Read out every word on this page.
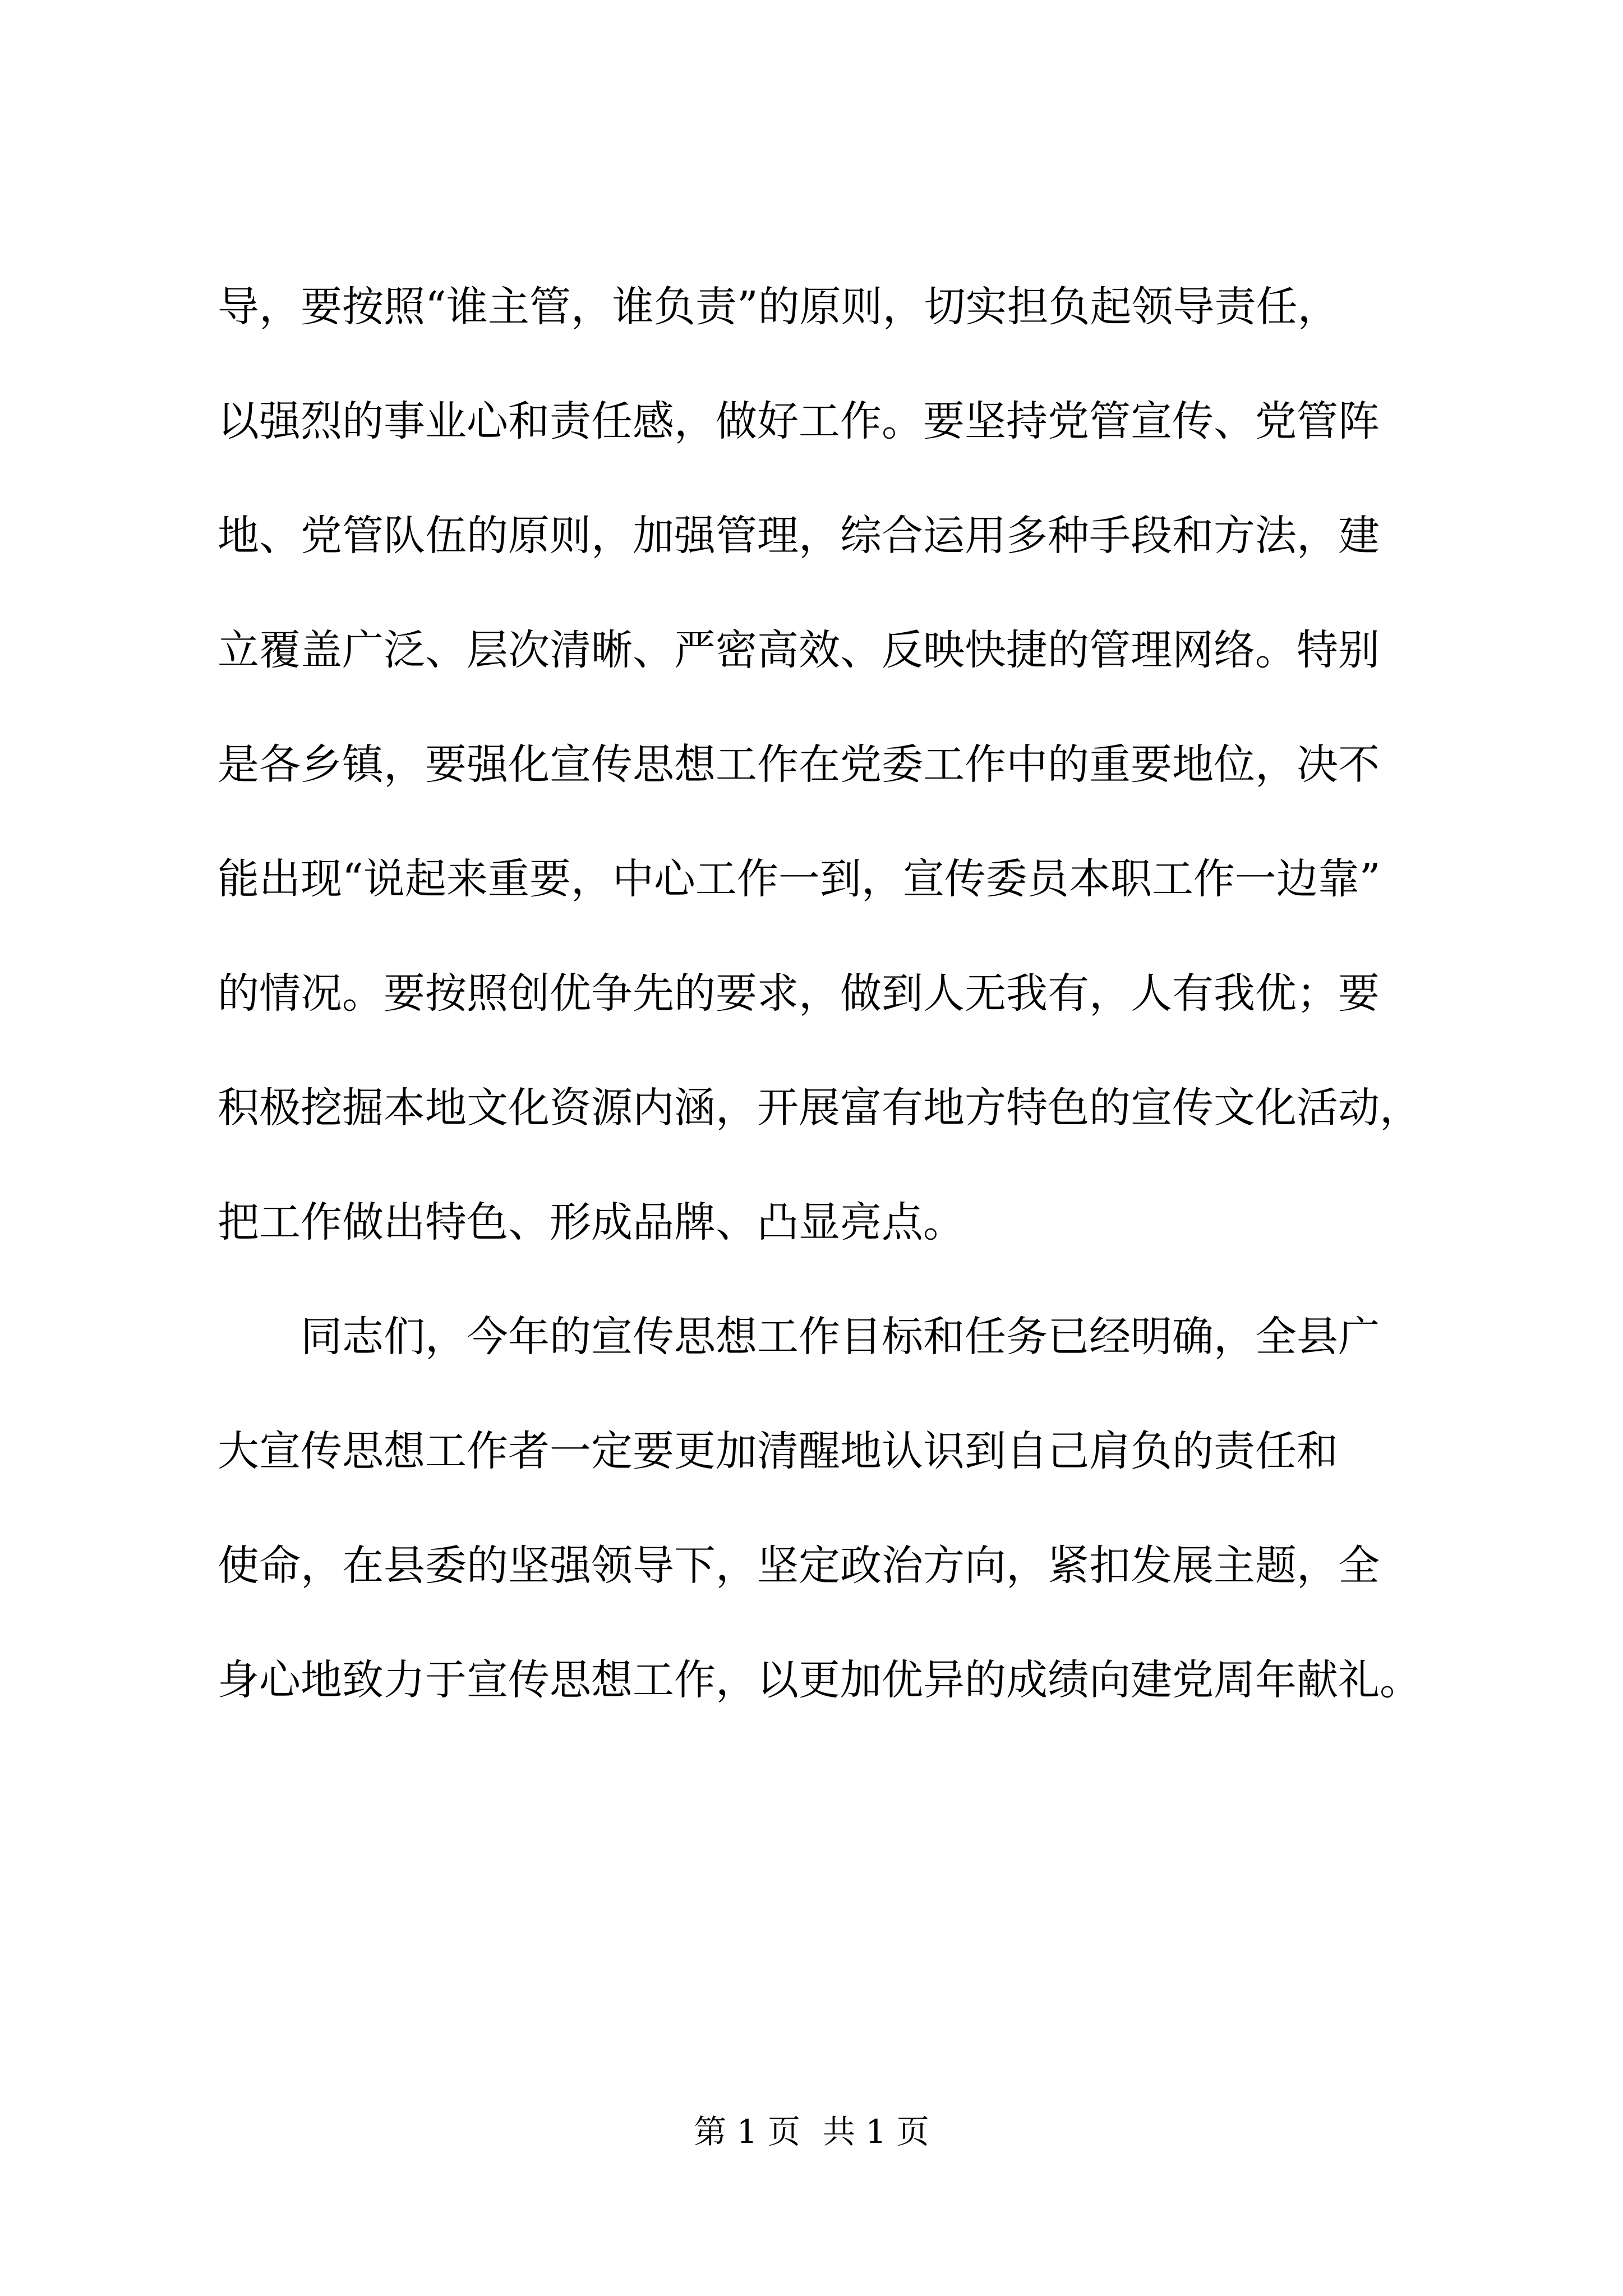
导，要按照“谁主管，谁负责”的原则，切实担负起领导责任，
以强烈的事业心和责任感，做好工作。要坚持党管宣传、党管阵
地、党管队伍的原则，加强管理，综合运用多种手段和方法，建
立覆盖广泛、层次清晰、严密高效、反映快捷的管理网络。特别
是各乡镇，要强化宣传思想工作在党委工作中的重要地位，决不
能出现“说起来重要，中心工作一到，宣传委员本职工作一边靠”
的情况。要按照创优争先的要求，做到人无我有，人有我优；要
积极挖掘本地文化资源内涵，开展富有地方特色的宣传文化活动，
把工作做出特色、形成品牌、凸显亮点。
　　同志们，今年的宣传思想工作目标和任务已经明确，全县广
大宣传思想工作者一定要更加清醒地认识到自己肩负的责任和
使命，在县委的坚强领导下，坚定政治方向，紧扣发展主题，全
身心地致力于宣传思想工作，以更加优异的成绩向建党周年献礼。
第 1 页 共 1 页
